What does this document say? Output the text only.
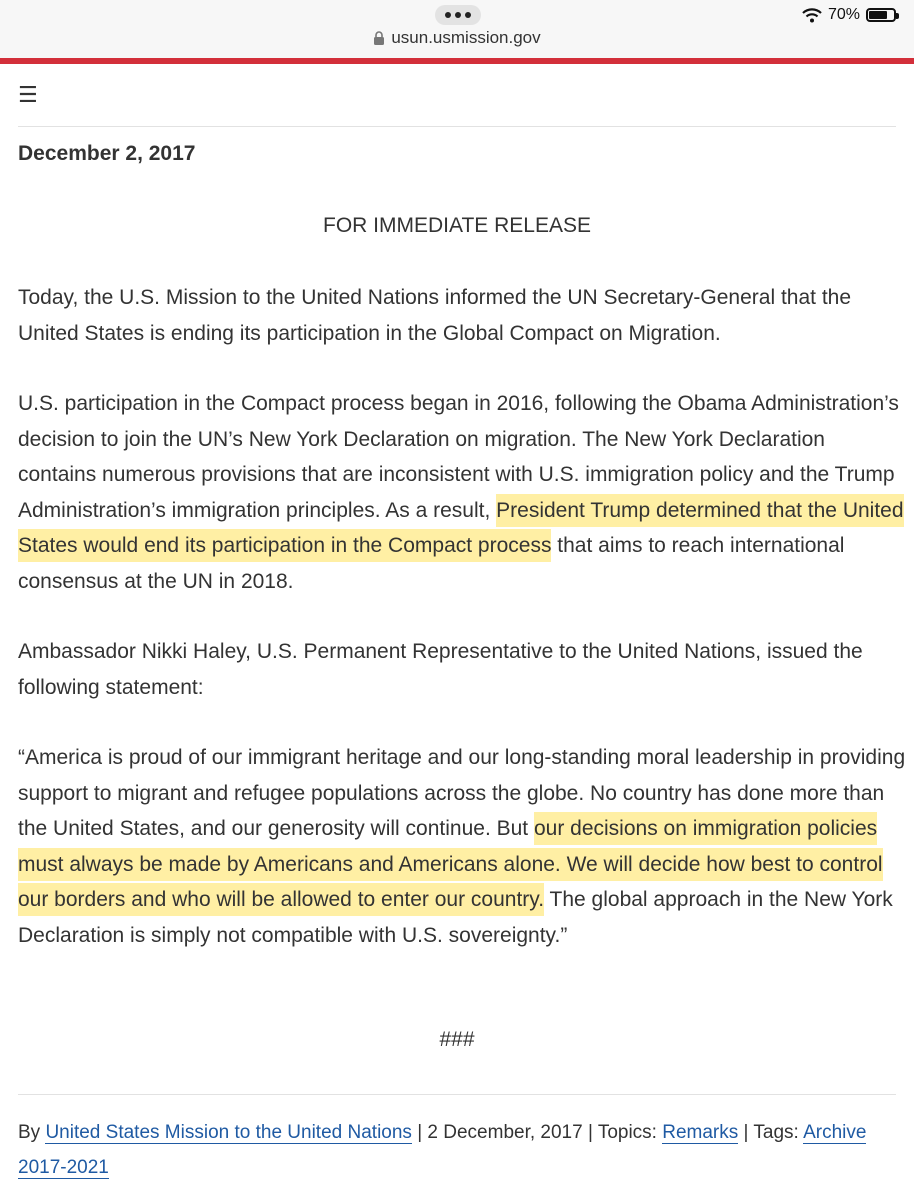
usun.usmission.gov
70%
☰
December 2, 2017
FOR IMMEDIATE RELEASE

Today, the U.S. Mission to the United Nations informed the UN Secretary-General that the United States is ending its participation in the Global Compact on Migration.

U.S. participation in the Compact process began in 2016, following the Obama Administration’s decision to join the UN’s New York Declaration on migration. The New York Declaration contains numerous provisions that are inconsistent with U.S. immigration policy and the Trump Administration’s immigration principles. As a result, President Trump determined that the United States would end its participation in the Compact process that aims to reach international consensus at the UN in 2018.

Ambassador Nikki Haley, U.S. Permanent Representative to the United Nations, issued the following statement:

“America is proud of our immigrant heritage and our long-standing moral leadership in providing support to migrant and refugee populations across the globe. No country has done more than the United States, and our generosity will continue. But our decisions on immigration policies must always be made by Americans and Americans alone. We will decide how best to control our borders and who will be allowed to enter our country. The global approach in the New York Declaration is simply not compatible with U.S. sovereignty.”

###
By United States Mission to the United Nations | 2 December, 2017 | Topics: Remarks | Tags: Archive 2017-2021
